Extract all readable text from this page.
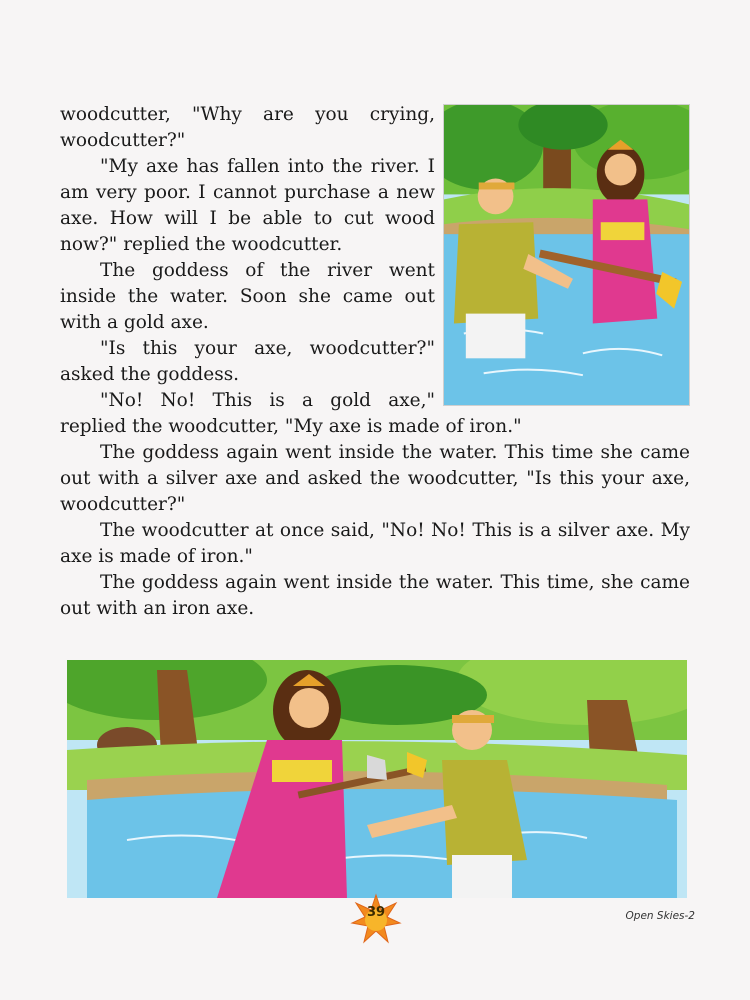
woodcutter, "Why are you crying, woodcutter?"

"My axe has fallen into the river. I am very poor. I cannot purchase a new axe. How will I be able to cut wood now?" replied the woodcutter.

The goddess of the river went inside the water. Soon she came out with a gold axe.

"Is this your axe, woodcutter?" asked the goddess.

"No! No! This is a gold axe," replied the woodcutter, "My axe is made of iron."

The goddess again went inside the water. This time she came out with a silver axe and asked the woodcutter, "Is this your axe, woodcutter?"

The woodcutter at once said, "No! No! This is a silver axe. My axe is made of iron."

The goddess again went inside the water. This time, she came out with an iron axe.

39	Open Skies-2
